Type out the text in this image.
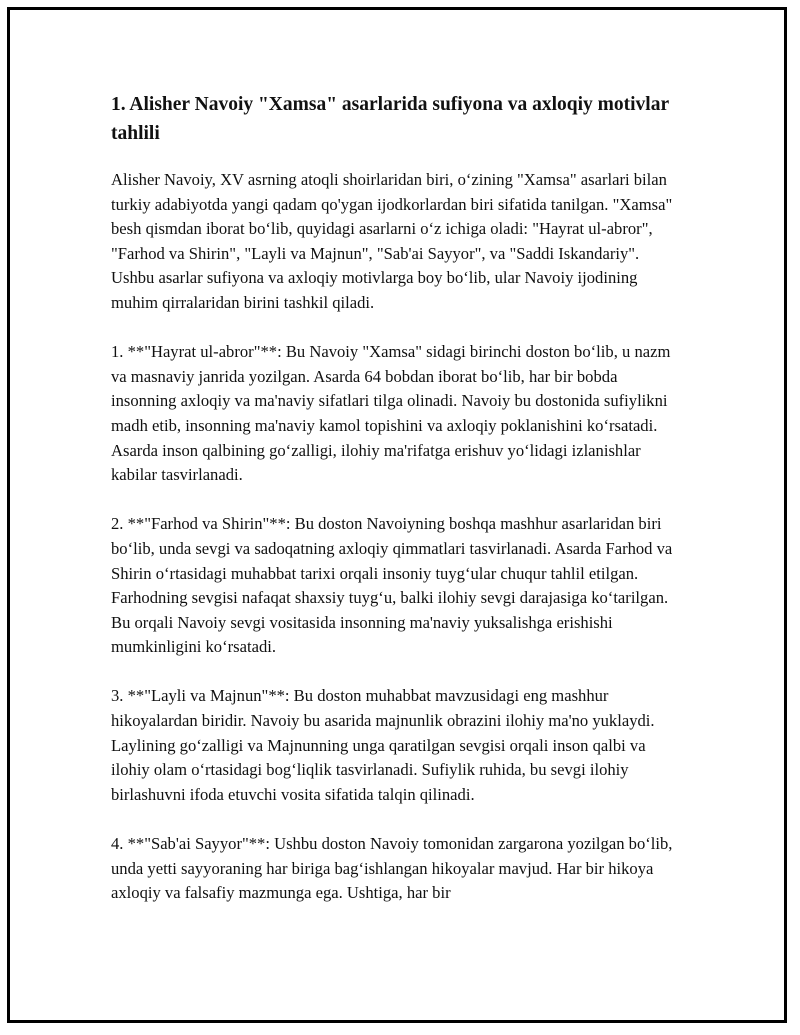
1. Alisher Navoiy "Xamsa" asarlarida sufiyona va axloqiy motivlar tahlili

Alisher Navoiy, XV asrning atoqli shoirlaridan biri, o‘zining "Xamsa" asarlari bilan turkiy adabiyotda yangi qadam qo'ygan ijodkorlardan biri sifatida tanilgan. "Xamsa" besh qismdan iborat bo‘lib, quyidagi asarlarni o‘z ichiga oladi: "Hayrat ul-abror", "Farhod va Shirin", "Layli va Majnun", "Sab'ai Sayyor", va "Saddi Iskandariy". Ushbu asarlar sufiyona va axloqiy motivlarga boy bo‘lib, ular Navoiy ijodining muhim qirralaridan birini tashkil qiladi.

1. **"Hayrat ul-abror"**: Bu Navoiy "Xamsa" sidagi birinchi doston bo‘lib, u nazm va masnaviy janrida yozilgan. Asarda 64 bobdan iborat bo‘lib, har bir bobda insonning axloqiy va ma'naviy sifatlari tilga olinadi. Navoiy bu dostonida sufiylikni madh etib, insonning ma'naviy kamol topishini va axloqiy poklanishini ko‘rsatadi. Asarda inson qalbining go‘zalligi, ilohiy ma'rifatga erishuv yo‘lidagi izlanishlar kabilar tasvirlanadi.

2. **"Farhod va Shirin"**: Bu doston Navoiyning boshqa mashhur asarlaridan biri bo‘lib, unda sevgi va sadoqatning axloqiy qimmatlari tasvirlanadi. Asarda Farhod va Shirin o‘rtasidagi muhabbat tarixi orqali insoniy tuyg‘ular chuqur tahlil etilgan. Farhodning sevgisi nafaqat shaxsiy tuyg‘u, balki ilohiy sevgi darajasiga ko‘tarilgan. Bu orqali Navoiy sevgi vositasida insonning ma'naviy yuksalishga erishishi mumkinligini ko‘rsatadi.

3. **"Layli va Majnun"**: Bu doston muhabbat mavzusidagi eng mashhur hikoyalardan biridir. Navoiy bu asarida majnunlik obrazini ilohiy ma'no yuklaydi. Laylining go‘zalligi va Majnunning unga qaratilgan sevgisi orqali inson qalbi va ilohiy olam o‘rtasidagi bog‘liqlik tasvirlanadi. Sufiylik ruhida, bu sevgi ilohiy birlashuvni ifoda etuvchi vosita sifatida talqin qilinadi.

4. **"Sab'ai Sayyor"**: Ushbu doston Navoiy tomonidan zargarona yozilgan bo‘lib, unda yetti sayyoraning har biriga bag‘ishlangan hikoyalar mavjud. Har bir hikoya axloqiy va falsafiy mazmunga ega. Ushtiga, har bir
